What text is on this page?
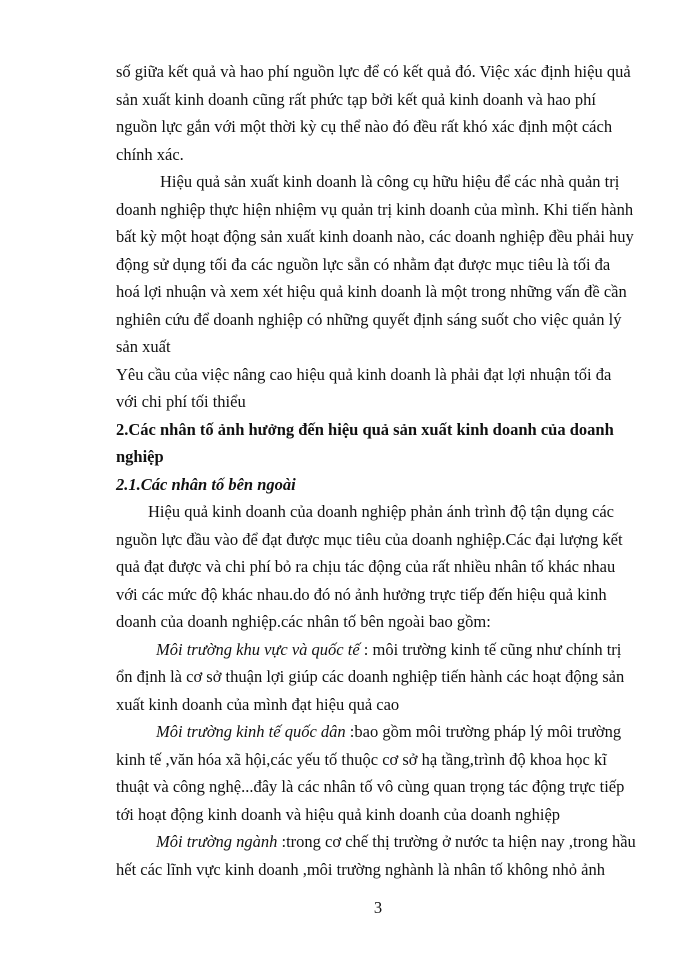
số giữa kết quả và hao phí nguồn lực để có kết quả đó. Việc xác định hiệu quả

sản xuất kinh doanh cũng rất phức tạp bởi kết quả kinh doanh và hao phí

nguồn lực gắn với một thời kỳ cụ thể nào đó đều rất khó xác định một cách

chính xác.

Hiệu quả sản xuất kinh doanh là công cụ hữu hiệu để các nhà quản trị

doanh nghiệp thực hiện nhiệm vụ quản trị kinh doanh của mình. Khi tiến hành

bất kỳ một hoạt động sản xuất kinh doanh nào, các doanh nghiệp đều phải huy

động sử dụng tối đa các nguồn lực sẵn có nhằm đạt được mục tiêu là tối đa

hoá lợi nhuận và xem xét hiệu quả kinh doanh là một trong những vấn đề cần

nghiên cứu để doanh nghiệp có những quyết định sáng suốt cho việc quản lý

sản xuất

Yêu cầu của việc nâng cao hiệu quả kinh doanh là phải đạt lợi nhuận tối đa

với chi phí tối thiểu

2.Các nhân tố ảnh hưởng đến hiệu quả sản xuất kinh doanh của doanh

nghiệp

2.1.Các nhân tố bên ngoài

Hiệu quả kinh doanh của doanh nghiệp phản ánh trình độ tận dụng các

nguồn lực đầu vào để đạt được mục tiêu của doanh nghiệp.Các đại lượng kết

quả đạt được và chi phí bỏ ra chịu tác động của rất nhiều nhân tố khác nhau

với các mức độ khác nhau.do đó nó ảnh hưởng trực tiếp đến hiệu quả kinh

doanh của doanh nghiệp.các nhân tố bên ngoài bao gồm:

Môi trường khu vực và quốc tế : môi trường kinh tế cũng như chính trị

ổn định là cơ sở thuận lợi giúp các doanh nghiệp tiến hành các hoạt động sản

xuất kinh doanh của mình đạt hiệu quả cao

Môi trường kinh tế quốc dân :bao gồm môi trường pháp lý môi trường

kinh tế ,văn hóa xã hội,các yếu tố thuộc cơ sở hạ tầng,trình độ khoa học kĩ

thuật và công nghệ...đây là các nhân tố vô cùng quan trọng tác động trực tiếp

tới hoạt động kinh doanh và hiệu quả kinh doanh của doanh nghiệp

Môi trường ngành :trong cơ chế thị trường ở nước ta hiện nay ,trong hầu

hết các lĩnh vực kinh doanh ,môi trường nghành là nhân tố không nhỏ ảnh

3
